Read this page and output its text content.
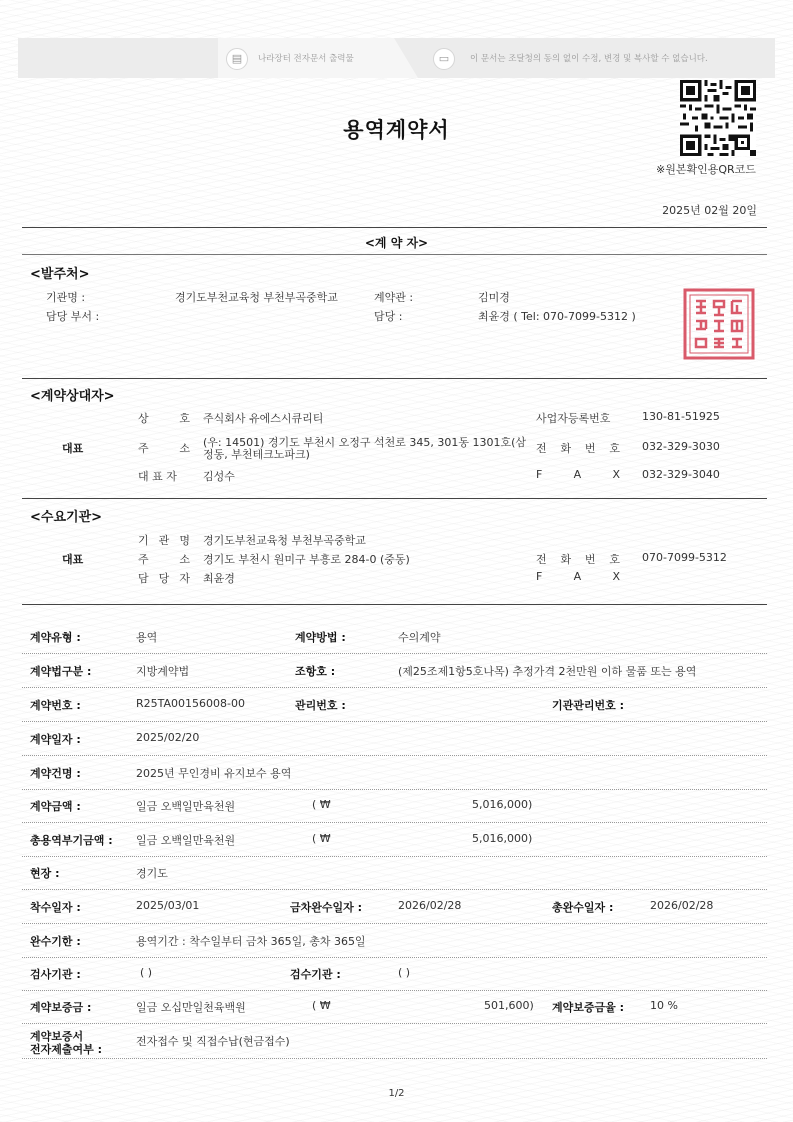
▤	나라장터 전자문서 출력물	▭	이 문서는 조달청의 동의 없이 수정, 변경 및 복사할 수 없습니다.
용역계약서
※원본확인용QR코드
2025년 02월 20일
<계 약 자>
<발주처>
기관명 :	경기도부천교육청 부천부곡중학교	계약관 :	김미경
담당 부서 :	담당 :	최윤경 ( Tel: 070-7099-5312 )
<계약상대자>
대표
상	호 주식회사 유에스시큐리티
주	소 (우: 14501) 경기도 부천시 오정구 석천로 345, 301동 1301호(삼
정동, 부천테크노파크)
대 표 자 김성수
사업자등록번호	130-81-51925
전 화 번 호 032-329-3030
F	A	X 032-329-3040
<수요기관>
대표
기 관 명 경기도부천교육청 부천부곡중학교
주	소 경기도 부천시 원미구 부흥로 284-0 (중동)
담 당 자 최윤경
전 화 번 호 070-7099-5312
F	A	X
계약유형 :	용역	계약방법 :	수의계약
계약법구분 :	지방계약법	조항호 :	(제25조제1항5호나목) 추정가격 2천만원 이하 물품 또는 용역
계약번호 :	R25TA00156008-00	관리번호 :	기관관리번호 :
계약일자 :	2025/02/20
계약건명 :	2025년 무인경비 유지보수 용역
계약금액 :	일금 오백일만육천원	( ₩	5,016,000)
총용역부기금액 : 일금 오백일만육천원	( ₩	5,016,000)
현장 :	경기도
착수일자 :	2025/03/01	금차완수일자 :	2026/02/28	총완수일자 :	2026/02/28
완수기한 :	용역기간 : 착수일부터 금차 365일, 총차 365일
검사기관 :	( )	검수기관 :	( )
계약보증금 :	일금 오십만일천육백원	( ₩	501,600) 계약보증금율 : 10 %
계약보증서
전자제출여부 :
전자접수 및 직접수납(현금접수)
1/2
